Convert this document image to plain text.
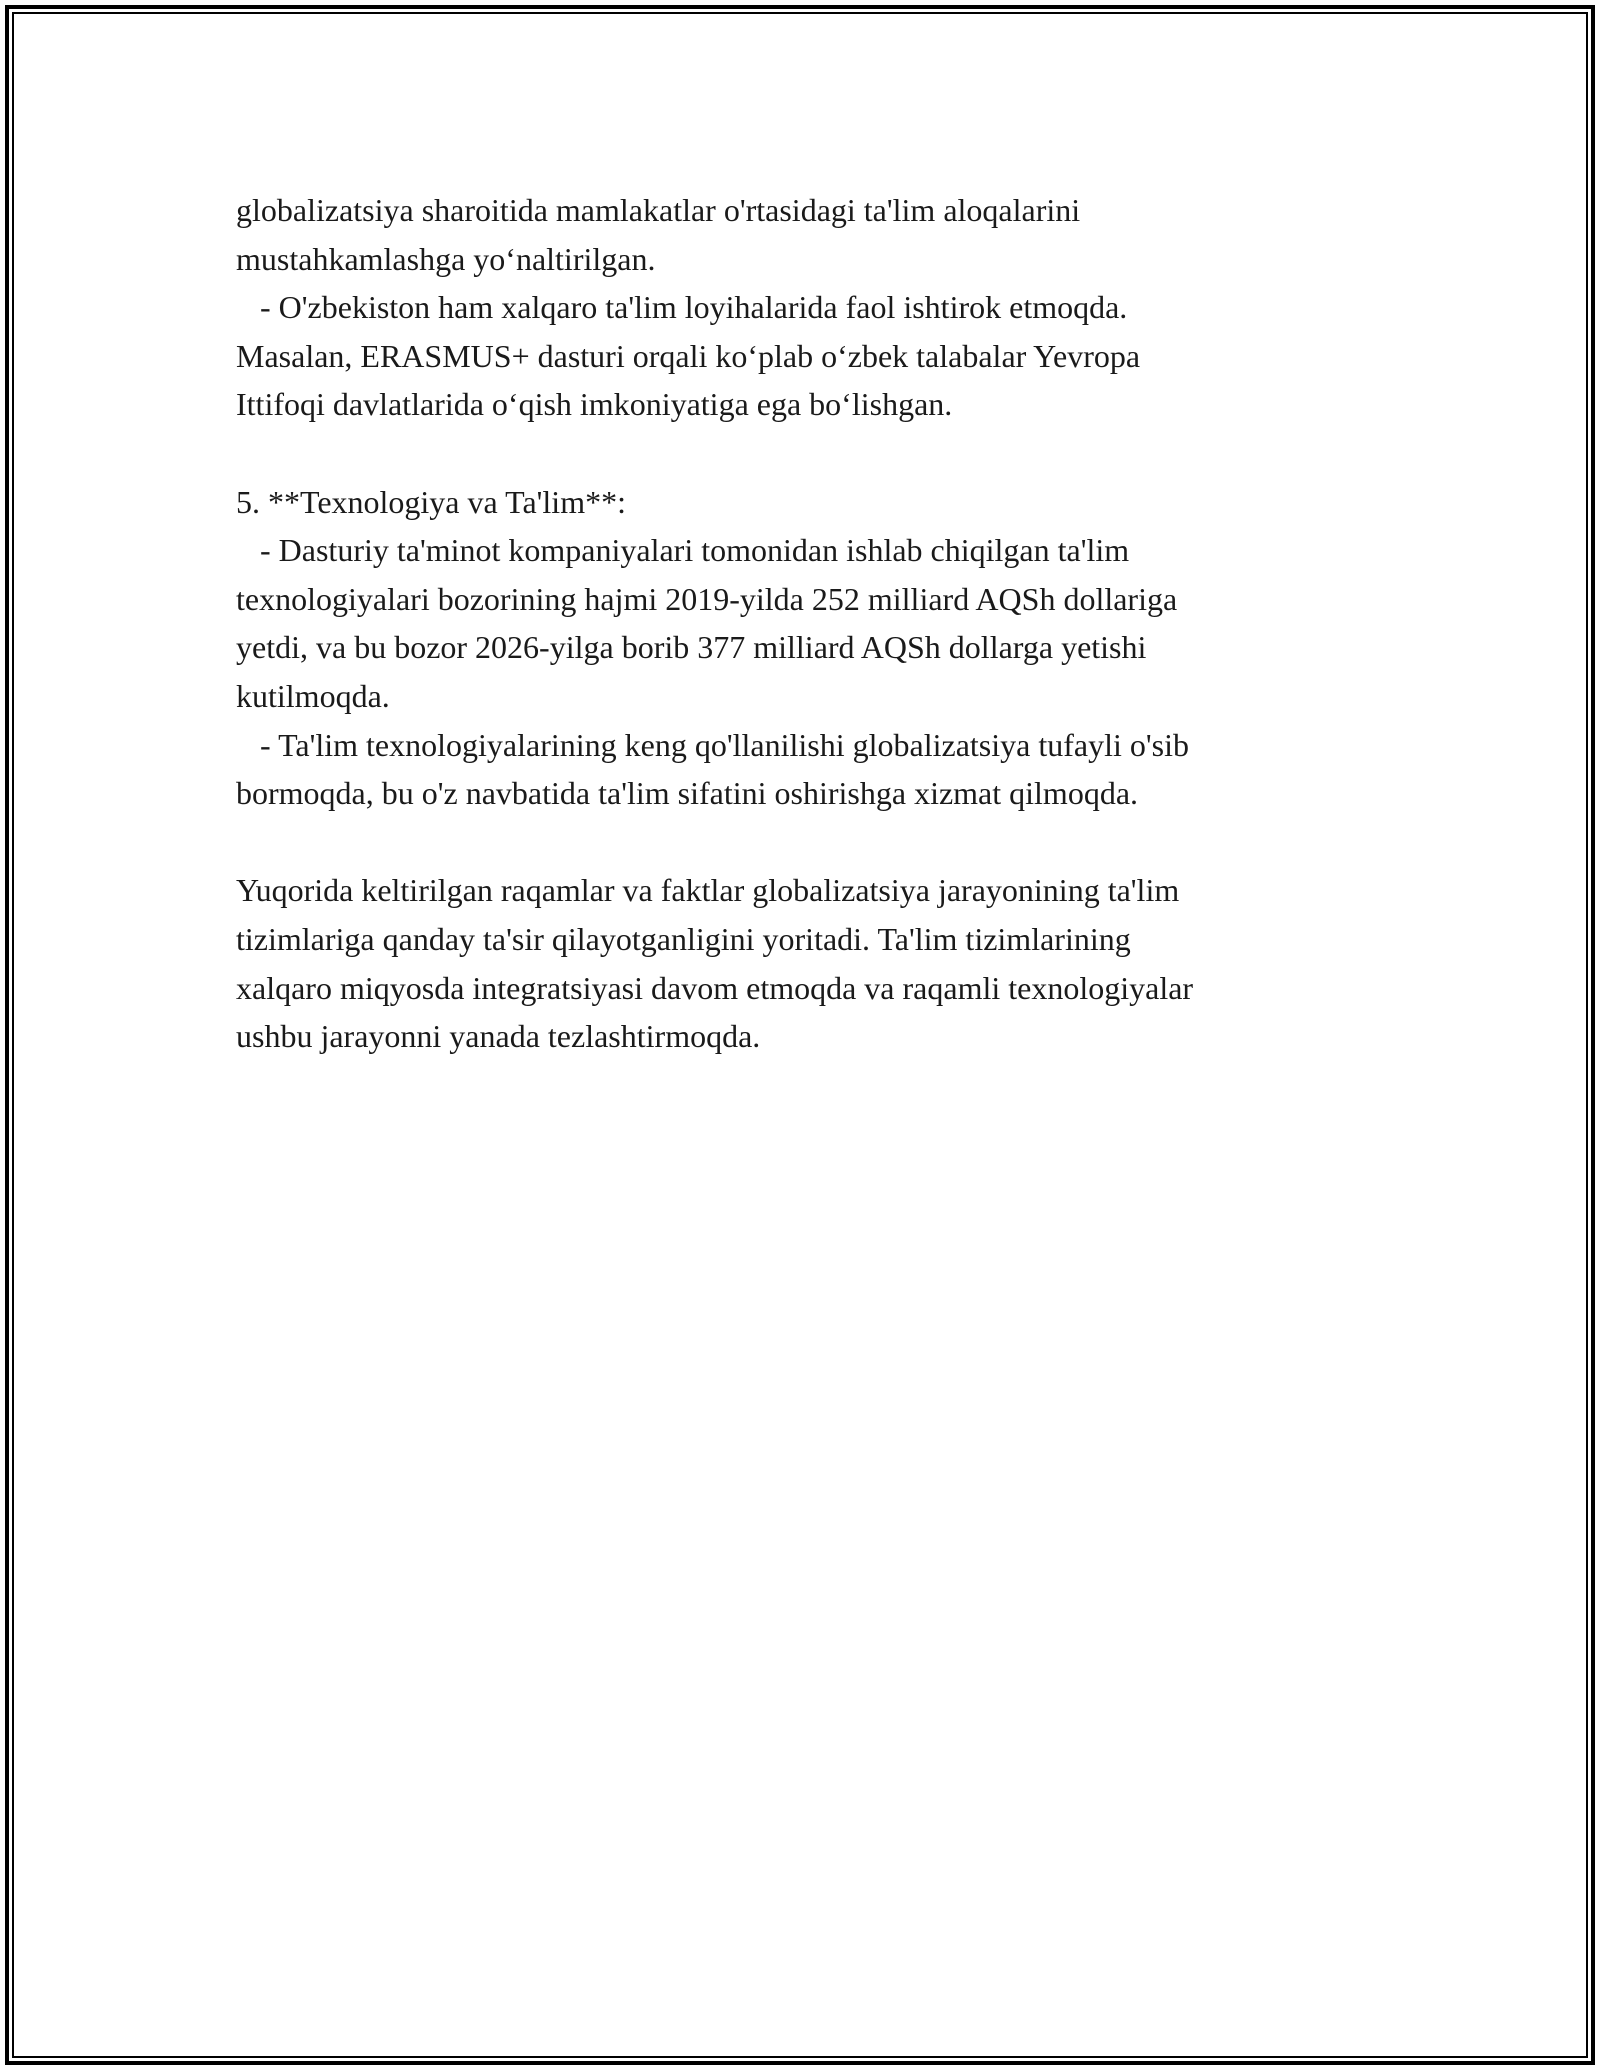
globalizatsiya sharoitida mamlakatlar o'rtasidagi ta'lim aloqalarini
mustahkamlashga yo‘naltirilgan.
- O'zbekiston ham xalqaro ta'lim loyihalarida faol ishtirok etmoqda.
Masalan, ERASMUS+ dasturi orqali ko‘plab o‘zbek talabalar Yevropa
Ittifoqi davlatlarida o‘qish imkoniyatiga ega bo‘lishgan.
5. **Texnologiya va Ta'lim**:
- Dasturiy ta'minot kompaniyalari tomonidan ishlab chiqilgan ta'lim
texnologiyalari bozorining hajmi 2019-yilda 252 milliard AQSh dollariga
yetdi, va bu bozor 2026-yilga borib 377 milliard AQSh dollarga yetishi
kutilmoqda.
- Ta'lim texnologiyalarining keng qo'llanilishi globalizatsiya tufayli o'sib
bormoqda, bu o'z navbatida ta'lim sifatini oshirishga xizmat qilmoqda.
Yuqorida keltirilgan raqamlar va faktlar globalizatsiya jarayonining ta'lim
tizimlariga qanday ta'sir qilayotganligini yoritadi. Ta'lim tizimlarining
xalqaro miqyosda integratsiyasi davom etmoqda va raqamli texnologiyalar
ushbu jarayonni yanada tezlashtirmoqda.
